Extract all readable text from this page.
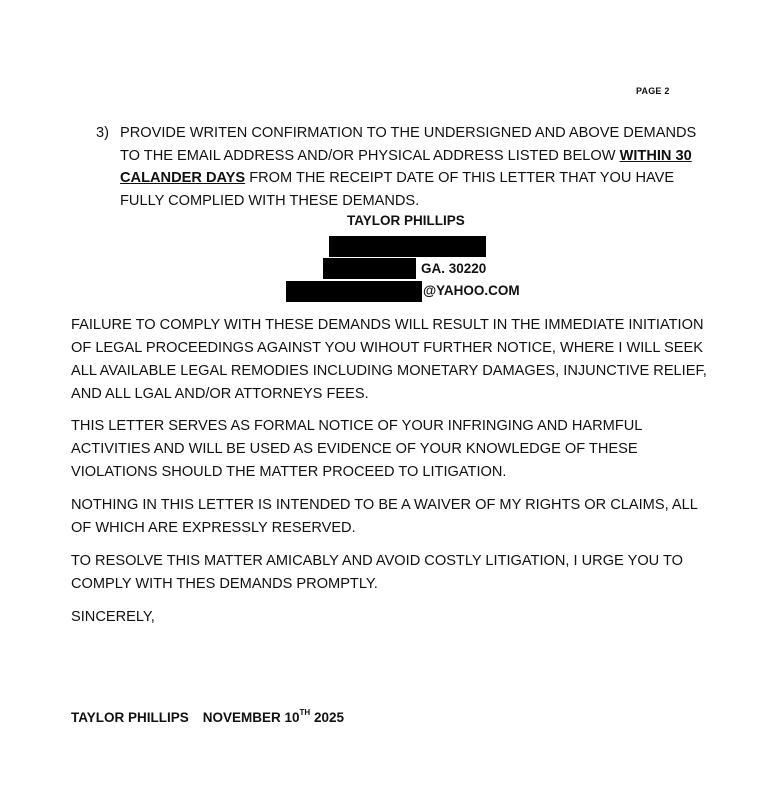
PAGE 2
3) PROVIDE WRITEN CONFIRMATION TO THE UNDERSIGNED AND ABOVE DEMANDS TO THE EMAIL ADDRESS AND/OR PHYSICAL ADDRESS LISTED BELOW WITHIN 30 CALANDER DAYS FROM THE RECEIPT DATE OF THIS LETTER THAT YOU HAVE FULLY COMPLIED WITH THESE DEMANDS.
TAYLOR PHILLIPS
GA. 30220
@YAHOO.COM

FAILURE TO COMPLY WITH THESE DEMANDS WILL RESULT IN THE IMMEDIATE INITIATION OF LEGAL PROCEEDINGS AGAINST YOU WIHOUT FURTHER NOTICE, WHERE I WILL SEEK ALL AVAILABLE LEGAL REMODIES INCLUDING MONETARY DAMAGES, INJUNCTIVE RELIEF, AND ALL LGAL AND/OR ATTORNEYS FEES.

THIS LETTER SERVES AS FORMAL NOTICE OF YOUR INFRINGING AND HARMFUL ACTIVITIES AND WILL BE USED AS EVIDENCE OF YOUR KNOWLEDGE OF THESE VIOLATIONS SHOULD THE MATTER PROCEED TO LITIGATION.

NOTHING IN THIS LETTER IS INTENDED TO BE A WAIVER OF MY RIGHTS OR CLAIMS, ALL OF WHICH ARE EXPRESSLY RESERVED.

TO RESOLVE THIS MATTER AMICABLY AND AVOID COSTLY LITIGATION, I URGE YOU TO COMPLY WITH THES DEMANDS PROMPTLY.

SINCERELY,

TAYLOR PHILLIPS NOVEMBER 10TH 2025
